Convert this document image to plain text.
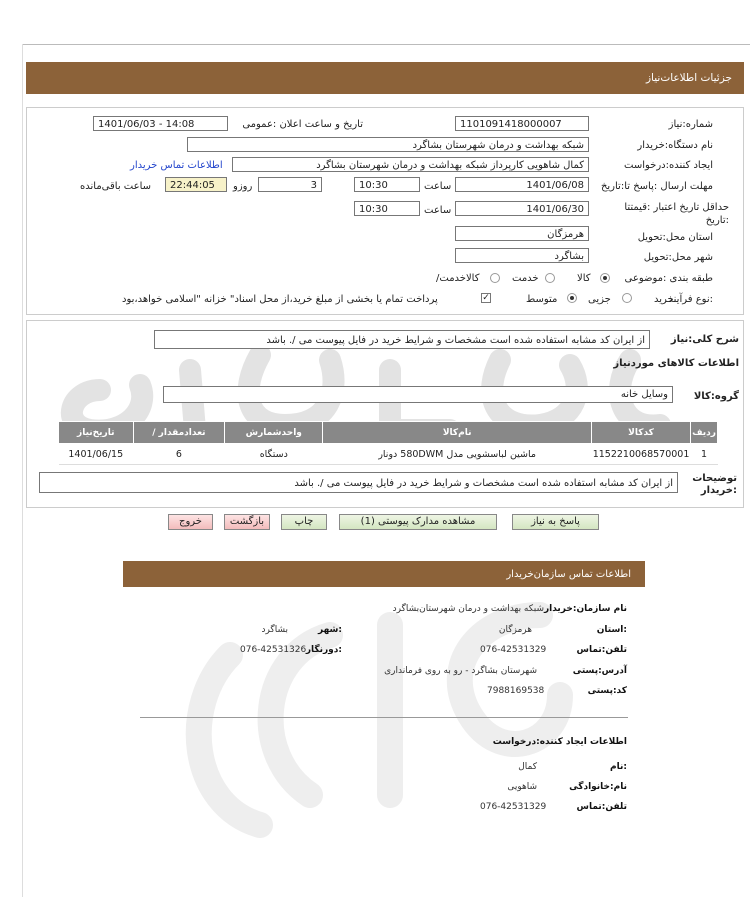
جزئیات اطلاعات‌نیاز
شماره:نیاز
1101091418000007
تاریخ و ساعت اعلان :عمومی
1401/06/03 - 14:08
نام دستگاه:خریدار
شبکه بهداشت و درمان شهرستان بشاگرد
ایجاد کننده:درخواست
کمال شاهویی کارپرداز شبکه بهداشت و درمان شهرستان بشاگرد
اطلاعات تماس خریدار
مهلت ارسال :پاسخ تا:تاریخ
1401/06/08
ساعت
10:30
3
روزو
22:44:05
ساعت باقی‌مانده
حداقل تاریخ اعتبار :قیمتتا :تاریخ
1401/06/30
ساعت
10:30
استان محل:تحویل
هرمزگان
شهر محل:تحویل
بشاگرد
طبقه بندی :موضوعی
کالا
خدمت
/کالاخدمت
نوع فرآیند:
خرید
جزیی
متوسط
✓
پرداخت تمام یا بخشی از مبلغ خرید،از محل اسناد" خزانه "اسلامی خواهد،بود
شرح کلی:نیاز
از ایران کد مشابه استفاده شده است مشخصات و شرایط خرید در فایل پیوست می /. باشد
اطلاعات کالاهای موردنیاز
گروه:کالا
وسایل خانه
تاریخ‌نیاز	/ تعدادمقدار	واحدشمارش	نام‌کالا	کدکالا	ردیف
1401/06/15	6	دستگاه	ماشین لباسشویی مدل 580DWM دونار	1152210068570001	1
توضیحات :خریدار
از ایران کد مشابه استفاده شده است مشخصات و شرایط خرید در فایل پیوست می /. باشد
پاسخ به نیاز
مشاهده مدارک پیوستی (1)
چاپ
بازگشت
خروج
اطلاعات تماس سازمان‌خریدار
نام سازمان:خریدار
شبکه بهداشت و درمان شهرستان‌بشاگرد
استان:
هرمزگان
شهر:
بشاگرد
تلفن:تماس
076-42531329
دورنگار:
076-42531326
آدرس:پستی
شهرستان بشاگرد - رو به روی فرمانداری
کد:پستی
7988169538
اطلاعات ایجاد کننده:درخواست
نام:
کمال
نام:خانوادگی
شاهویی
تلفن:تماس
076-42531329
